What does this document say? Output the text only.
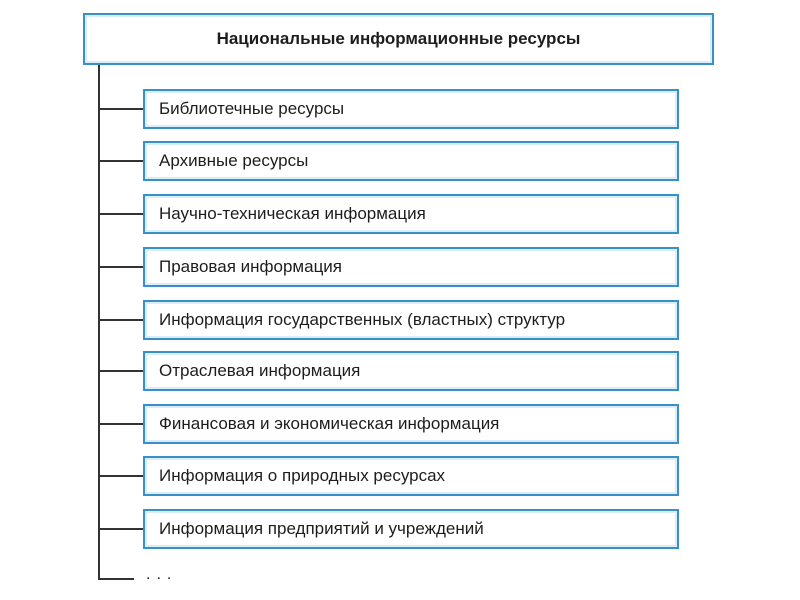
Национальные информационные ресурсы
Библиотечные ресурсы
Архивные ресурсы
Научно-техническая информация
Правовая информация
Информация государственных (властных) структур
Отраслевая информация
Финансовая и экономическая информация
Информация о природных ресурсах
Информация предприятий и учреждений
...
